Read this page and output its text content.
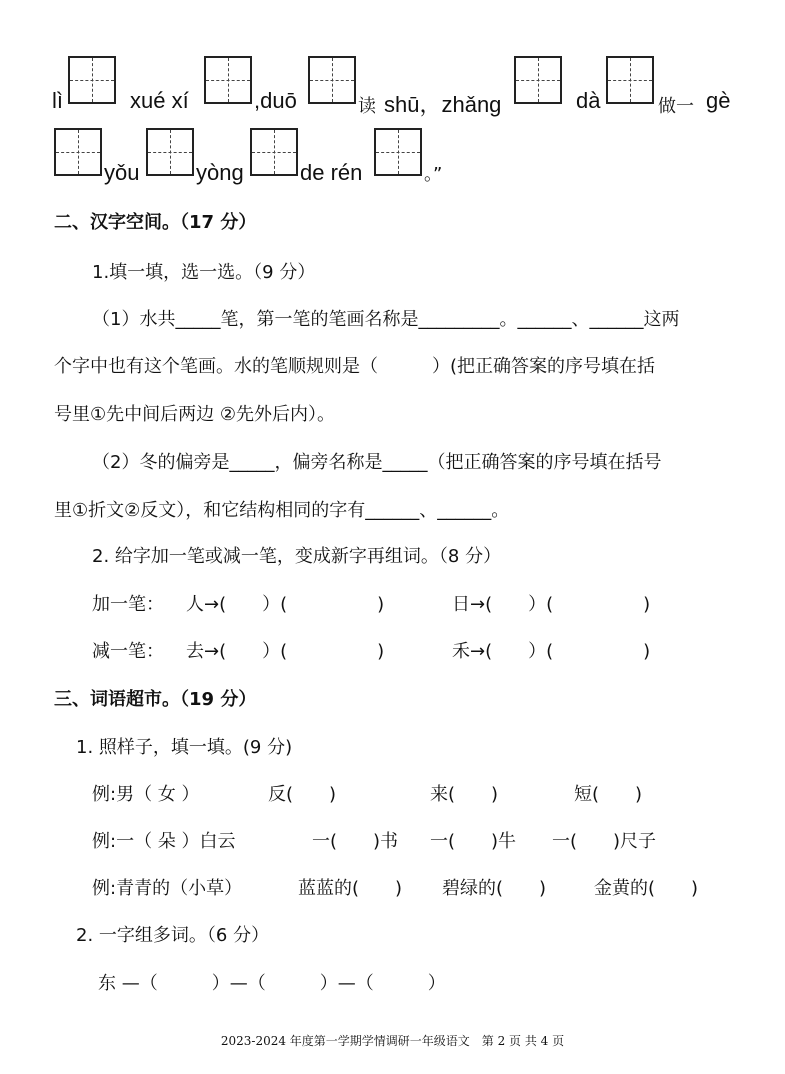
lì	xué xí	,duō	读 shū，zhǎng	dà	做一 gè
yǒu	yòng	de rén	。”
二、汉字空间。（17 分）
1.填一填，选一选。（9 分）
（1）水共_____笔，第一笔的笔画名称是_________。______、______这两
个字中也有这个笔画。水的笔顺规则是（　　　）(把正确答案的序号填在括
号里①先中间后两边 ②先外后内）。
（2）冬的偏旁是_____，偏旁名称是_____（把正确答案的序号填在括号
里①折文②反文），和它结构相同的字有______、______。
2. 给字加一笔或减一笔，变成新字再组词。（8 分）
加一笔： 人→(　　）(　　　　　)	日→(　　）(　　　　　)
减一笔： 去→(　　）(　　　　　)	禾→(　　）(　　　　　)
三、词语超市。（19 分）
1. 照样子，填一填。(9 分)
例:男（ 女 ）	反(　　)	来(　　)	短(　　)
例:一（ 朵 ）白云	一(　　)书 一(　　)牛 一(　　)尺子
例:青青的（小草）	蓝蓝的(　　) 碧绿的(　　)	金黄的(　　)
2. 一字组多词。（6 分）
东 —（　　　）—（　　　）—（　　　）
2023-2024 年度第一学期学情调研一年级语文　第 2 页 共 4 页
